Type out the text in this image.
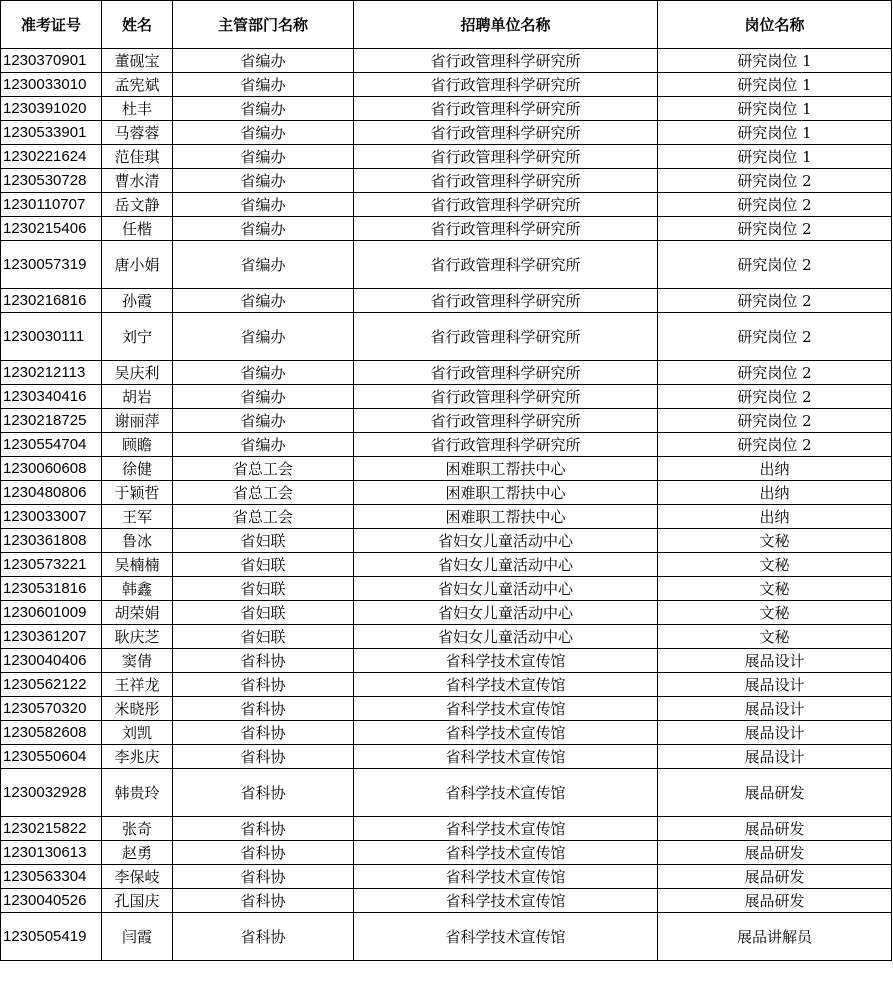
准考证号	姓名	主管部门名称	招聘单位名称	岗位名称
1230370901	董砚宝	省编办	省行政管理科学研究所	研究岗位 1
1230033010	孟宪斌	省编办	省行政管理科学研究所	研究岗位 1
1230391020	杜丰	省编办	省行政管理科学研究所	研究岗位 1
1230533901	马蓉蓉	省编办	省行政管理科学研究所	研究岗位 1
1230221624	范佳琪	省编办	省行政管理科学研究所	研究岗位 1
1230530728	曹水清	省编办	省行政管理科学研究所	研究岗位 2
1230110707	岳文静	省编办	省行政管理科学研究所	研究岗位 2
1230215406	任楷	省编办	省行政管理科学研究所	研究岗位 2
1230057319	唐小娟	省编办	省行政管理科学研究所	研究岗位 2
1230216816	孙霞	省编办	省行政管理科学研究所	研究岗位 2
1230030111	刘宁	省编办	省行政管理科学研究所	研究岗位 2
1230212113	吴庆利	省编办	省行政管理科学研究所	研究岗位 2
1230340416	胡岩	省编办	省行政管理科学研究所	研究岗位 2
1230218725	谢丽萍	省编办	省行政管理科学研究所	研究岗位 2
1230554704	顾瞻	省编办	省行政管理科学研究所	研究岗位 2
1230060608	徐健	省总工会	困难职工帮扶中心	出纳
1230480806	于颖哲	省总工会	困难职工帮扶中心	出纳
1230033007	王军	省总工会	困难职工帮扶中心	出纳
1230361808	鲁冰	省妇联	省妇女儿童活动中心	文秘
1230573221	吴楠楠	省妇联	省妇女儿童活动中心	文秘
1230531816	韩鑫	省妇联	省妇女儿童活动中心	文秘
1230601009	胡荣娟	省妇联	省妇女儿童活动中心	文秘
1230361207	耿庆芝	省妇联	省妇女儿童活动中心	文秘
1230040406	窦倩	省科协	省科学技术宣传馆	展品设计
1230562122	王祥龙	省科协	省科学技术宣传馆	展品设计
1230570320	米晓彤	省科协	省科学技术宣传馆	展品设计
1230582608	刘凯	省科协	省科学技术宣传馆	展品设计
1230550604	李兆庆	省科协	省科学技术宣传馆	展品设计
1230032928	韩贵玲	省科协	省科学技术宣传馆	展品研发
1230215822	张奇	省科协	省科学技术宣传馆	展品研发
1230130613	赵勇	省科协	省科学技术宣传馆	展品研发
1230563304	李保岐	省科协	省科学技术宣传馆	展品研发
1230040526	孔国庆	省科协	省科学技术宣传馆	展品研发
1230505419	闫霞	省科协	省科学技术宣传馆	展品讲解员
